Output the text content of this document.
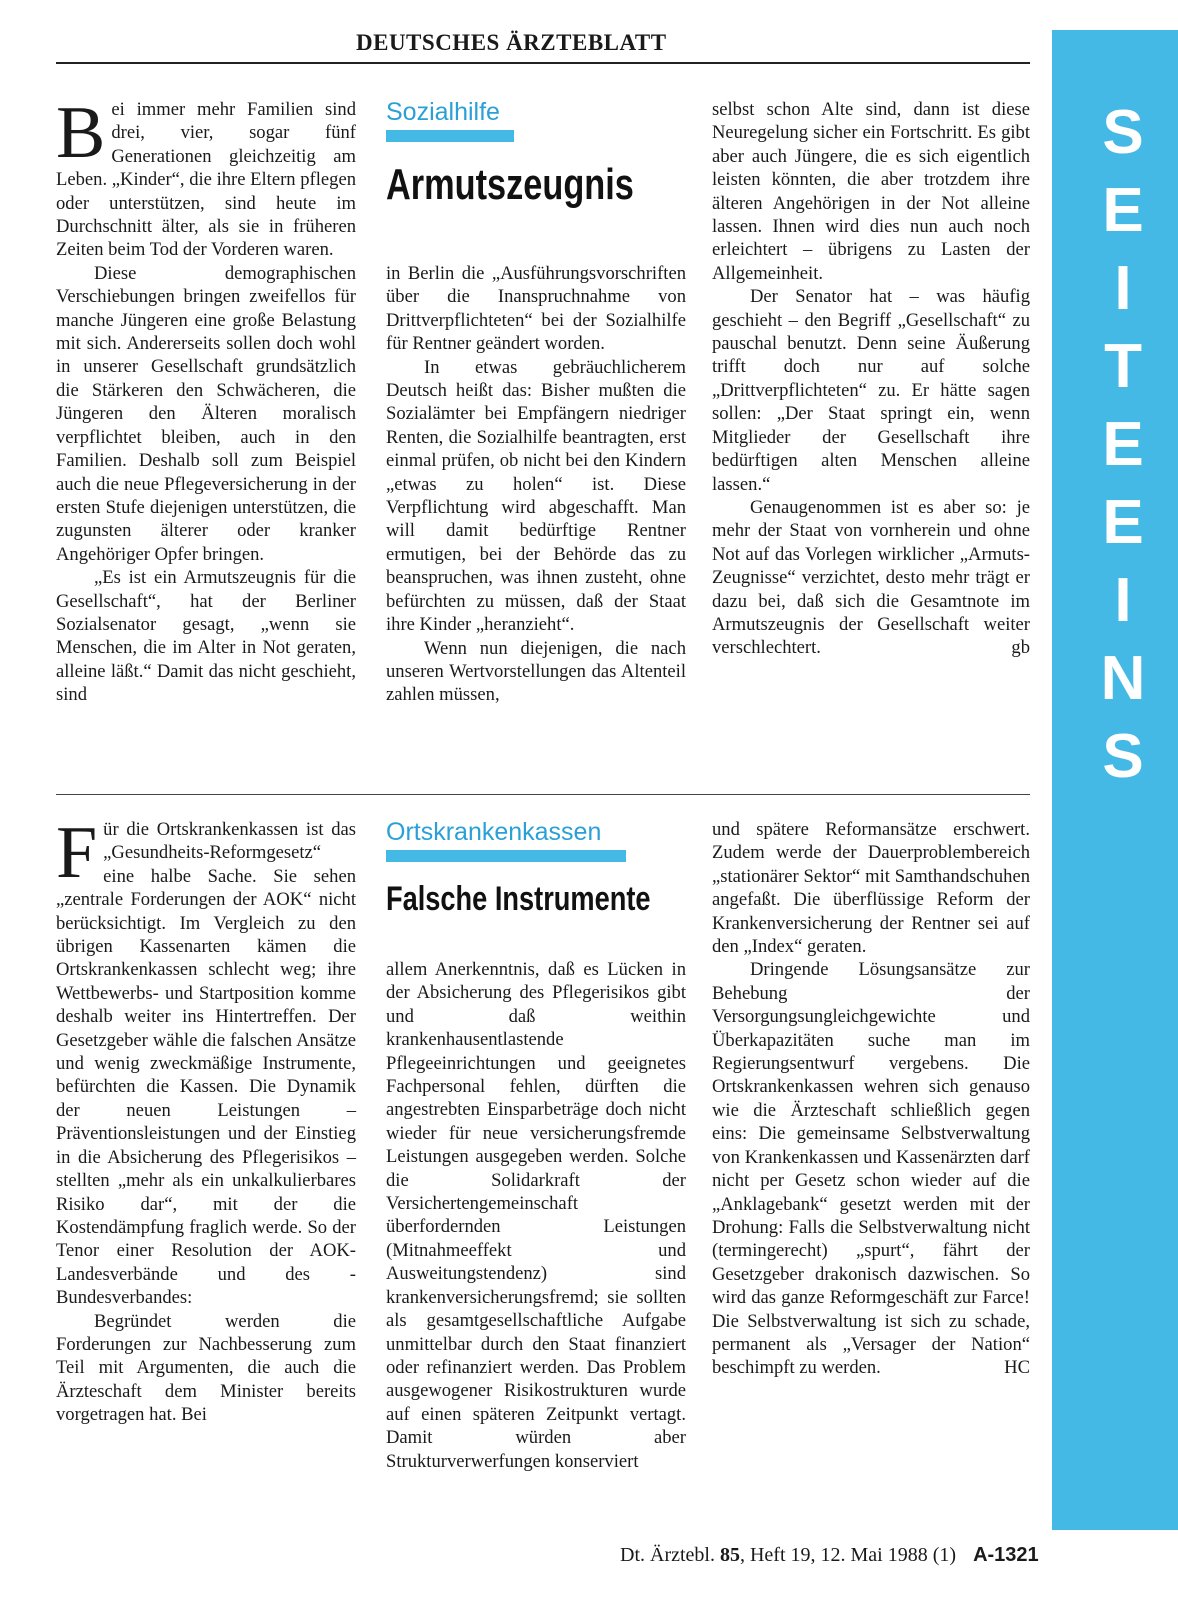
DEUTSCHES ÄRZTEBLATT
S
E
I
T
E
E
I
N
S

Bei immer mehr Familien sind drei, vier, sogar fünf Generationen gleichzeitig am Leben. „Kinder“, die ihre Eltern pflegen oder unterstützen, sind heute im Durchschnitt älter, als sie in früheren Zeiten beim Tod der Vorderen waren.

Diese demographischen Verschiebungen bringen zweifellos für manche Jüngeren eine große Belastung mit sich. Andererseits sollen doch wohl in unserer Gesellschaft grundsätzlich die Stärkeren den Schwächeren, die Jüngeren den Älteren moralisch verpflichtet bleiben, auch in den Familien. Deshalb soll zum Beispiel auch die neue Pflegeversicherung in der ersten Stufe diejenigen unterstützen, die zugunsten älterer oder kranker Angehöriger Opfer bringen.

„Es ist ein Armutszeugnis für die Gesellschaft“, hat der Berliner Sozialsenator gesagt, „wenn sie Menschen, die im Alter in Not geraten, alleine läßt.“ Damit das nicht geschieht, sind

Sozialhilfe
Armutszeugnis

in Berlin die „Ausführungsvorschriften über die Inanspruchnahme von Drittverpflichteten“ bei der Sozialhilfe für Rentner geändert worden.

In etwas gebräuchlicherem Deutsch heißt das: Bisher mußten die Sozialämter bei Empfängern niedriger Renten, die Sozialhilfe beantragten, erst einmal prüfen, ob nicht bei den Kindern „etwas zu holen“ ist. Diese Verpflichtung wird abgeschafft. Man will damit bedürftige Rentner ermutigen, bei der Behörde das zu beanspruchen, was ihnen zusteht, ohne befürchten zu müssen, daß der Staat ihre Kinder „heranzieht“.

Wenn nun diejenigen, die nach unseren Wertvorstellungen das Altenteil zahlen müssen,

selbst schon Alte sind, dann ist diese Neuregelung sicher ein Fortschritt. Es gibt aber auch Jüngere, die es sich eigentlich leisten könnten, die aber trotzdem ihre älteren Angehörigen in der Not alleine lassen. Ihnen wird dies nun auch noch erleichtert – übrigens zu Lasten der Allgemeinheit.

Der Senator hat – was häufig geschieht – den Begriff „Gesellschaft“ zu pauschal benutzt. Denn seine Äußerung trifft doch nur auf solche „Drittverpflichteten“ zu. Er hätte sagen sollen: „Der Staat springt ein, wenn Mitglieder der Gesellschaft ihre bedürftigen alten Menschen alleine lassen.“

Genaugenommen ist es aber so: je mehr der Staat von vornherein und ohne Not auf das Vorlegen wirklicher „Armuts-Zeugnisse“ verzichtet, desto mehr trägt er dazu bei, daß sich die Gesamtnote im Armutszeugnis der Gesellschaft weiter verschlechtert.	gb

Für die Ortskrankenkassen ist das „Gesundheits-Reformgesetz“ eine halbe Sache. Sie sehen „zentrale Forderungen der AOK“ nicht berücksichtigt. Im Vergleich zu den übrigen Kassenarten kämen die Ortskrankenkassen schlecht weg; ihre Wettbewerbs- und Startposition komme deshalb weiter ins Hintertreffen. Der Gesetzgeber wähle die falschen Ansätze und wenig zweckmäßige Instrumente, befürchten die Kassen. Die Dynamik der neuen Leistungen – Präventionsleistungen und der Einstieg in die Absicherung des Pflegerisikos – stellten „mehr als ein unkalkulierbares Risiko dar“, mit der die Kostendämpfung fraglich werde. So der Tenor einer Resolution der AOK-Landesverbände und des -Bundesverbandes:

Begründet werden die Forderungen zur Nachbesserung zum Teil mit Argumenten, die auch die Ärzteschaft dem Minister bereits vorgetragen hat. Bei

Ortskrankenkassen
Falsche Instrumente

allem Anerkenntnis, daß es Lücken in der Absicherung des Pflegerisikos gibt und daß weithin krankenhausentlastende Pflegeeinrichtungen und geeignetes Fachpersonal fehlen, dürften die angestrebten Einsparbeträge doch nicht wieder für neue versicherungsfremde Leistungen ausgegeben werden. Solche die Solidarkraft der Versichertengemeinschaft überfordernden Leistungen (Mitnahmeeffekt und Ausweitungstendenz) sind krankenversicherungsfremd; sie sollten als gesamtgesellschaftliche Aufgabe unmittelbar durch den Staat finanziert oder refinanziert werden. Das Problem ausgewogener Risikostrukturen wurde auf einen späteren Zeitpunkt vertagt. Damit würden aber Strukturverwerfungen konserviert

und spätere Reformansätze erschwert. Zudem werde der Dauerproblembereich „stationärer Sektor“ mit Samthandschuhen angefaßt. Die überflüssige Reform der Krankenversicherung der Rentner sei auf den „Index“ geraten.

Dringende Lösungsansätze zur Behebung der Versorgungsungleichgewichte und Überkapazitäten suche man im Regierungsentwurf vergebens. Die Ortskrankenkassen wehren sich genauso wie die Ärzteschaft schließlich gegen eins: Die gemeinsame Selbstverwaltung von Krankenkassen und Kassenärzten darf nicht per Gesetz schon wieder auf die „Anklagebank“ gesetzt werden mit der Drohung: Falls die Selbstverwaltung nicht (termingerecht) „spurt“, fährt der Gesetzgeber drakonisch dazwischen. So wird das ganze Reformgeschäft zur Farce! Die Selbstverwaltung ist sich zu schade, permanent als „Versager der Nation“ beschimpft zu werden.	HC

Dt. Ärztebl. 85, Heft 19, 12. Mai 1988 (1) A-1321
